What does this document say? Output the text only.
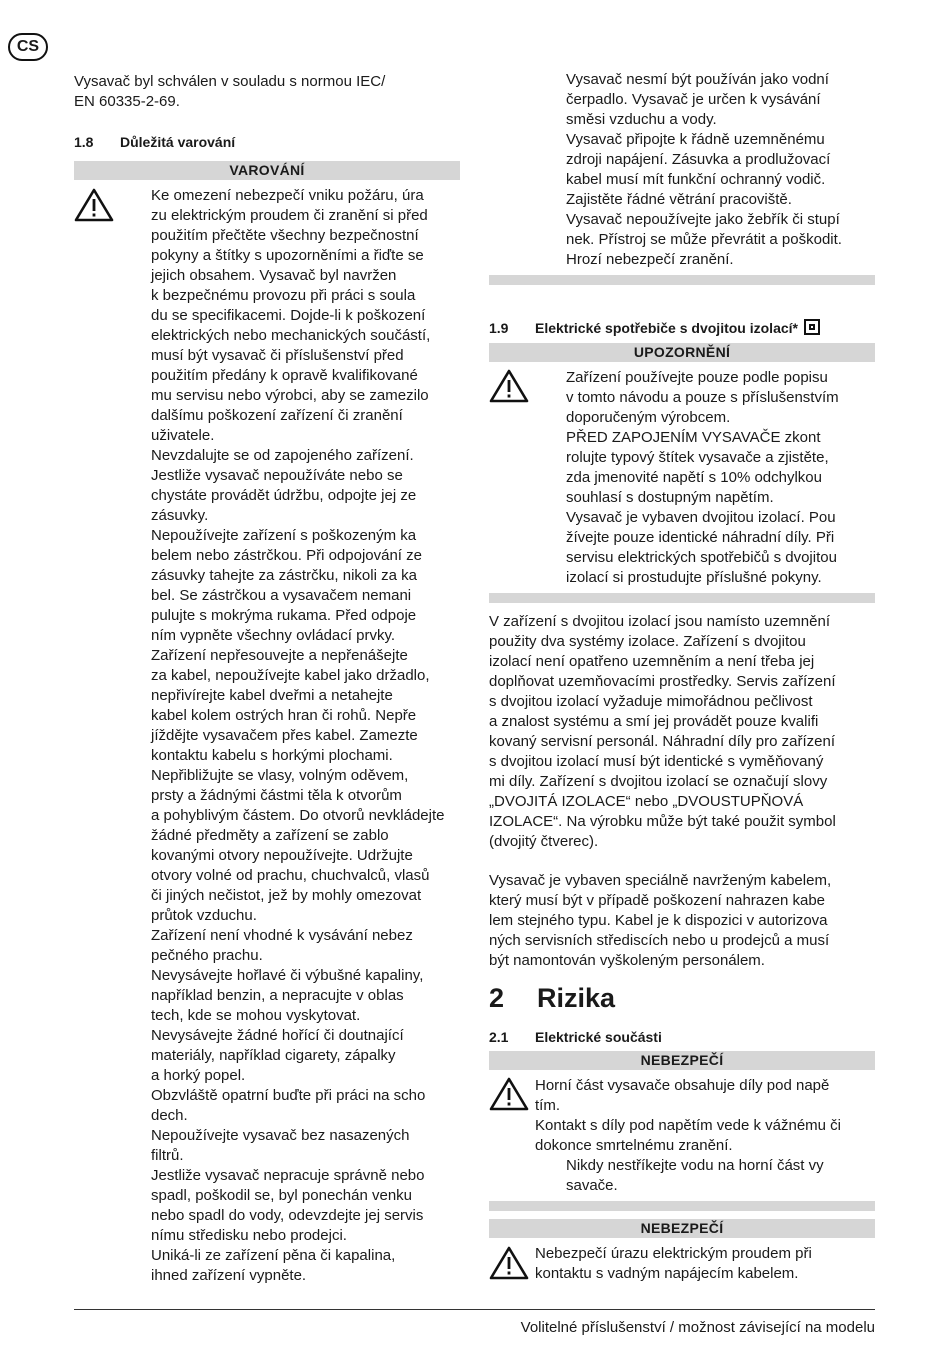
CS

Vysavač byl schválen v souladu s normou IEC/
EN 60335-2-69.

1.8 Důležitá varování
VAROVÁNÍ

Ke omezení nebezpečí vniku požáru, úra
zu elektrickým proudem či zranění si před
použitím přečtěte všechny bezpečnostní
pokyny a štítky s upozorněními a řiďte se
jejich obsahem. Vysavač byl navržen
k bezpečnému provozu při práci s soula
du se specifikacemi. Dojde-li k poškození
elektrických nebo mechanických součástí,
musí být vysavač či příslušenství před
použitím předány k opravě kvalifikované
mu servisu nebo výrobci, aby se zamezilo
dalšímu poškození zařízení či zranění
uživatele.
Nevzdalujte se od zapojeného zařízení.
Jestliže vysavač nepoužíváte nebo se
chystáte provádět údržbu, odpojte jej ze
zásuvky.
Nepoužívejte zařízení s poškozeným ka
belem nebo zástrčkou. Při odpojování ze
zásuvky tahejte za zástrčku, nikoli za ka
bel. Se zástrčkou a vysavačem nemani
pulujte s mokrýma rukama. Před odpoje
ním vypněte všechny ovládací prvky.
Zařízení nepřesouvejte a nepřenášejte
za kabel, nepoužívejte kabel jako držadlo,
nepřivírejte kabel dveřmi a netahejte
kabel kolem ostrých hran či rohů. Nepře
jíždějte vysavačem přes kabel. Zamezte
kontaktu kabelu s horkými plochami.
Nepřibližujte se vlasy, volným oděvem,
prsty a žádnými částmi těla k otvorům
a pohyblivým částem. Do otvorů nevkládejte žádné předměty a zařízení se zablo
kovanými otvory nepoužívejte. Udržujte
otvory volné od prachu, chuchvalců, vlasů
či jiných nečistot, jež by mohly omezovat
průtok vzduchu.
Zařízení není vhodné k vysávání nebez
pečného prachu.
Nevysávejte hořlavé či výbušné kapaliny,
například benzin, a nepracujte v oblas
tech, kde se mohou vyskytovat.
Nevysávejte žádné hořící či doutnající
materiály, například cigarety, zápalky
a horký popel.
Obzvláště opatrní buďte při práci na scho
dech.
Nepoužívejte vysavač bez nasazených
filtrů.
Jestliže vysavač nepracuje správně nebo
spadl, poškodil se, byl ponechán venku
nebo spadl do vody, odevzdejte jej servis
nímu středisku nebo prodejci.
Uniká-li ze zařízení pěna či kapalina,
ihned zařízení vypněte.

Vysavač nesmí být používán jako vodní
čerpadlo. Vysavač je určen k vysávání
směsi vzduchu a vody.
Vysavač připojte k řádně uzemněnému
zdroji napájení. Zásuvka a prodlužovací
kabel musí mít funkční ochranný vodič.
Zajistěte řádné větrání pracoviště.
Vysavač nepoužívejte jako žebřík či stupí
nek. Přístroj se může převrátit a poškodit.
Hrozí nebezpečí zranění.

1.9 Elektrické spotřebiče s dvojitou izolací*
UPOZORNĚNÍ

Zařízení používejte pouze podle popisu
v tomto návodu a pouze s příslušenstvím
doporučeným výrobcem.
PŘED ZAPOJENÍM VYSAVAČE zkont
rolujte typový štítek vysavače a zjistěte,
zda jmenovité napětí s 10% odchylkou
souhlasí s dostupným napětím.
Vysavač je vybaven dvojitou izolací. Pou
žívejte pouze identické náhradní díly. Při
servisu elektrických spotřebičů s dvojitou
izolací si prostudujte příslušné pokyny.

V zařízení s dvojitou izolací jsou namísto uzemnění
použity dva systémy izolace. Zařízení s dvojitou
izolací není opatřeno uzemněním a není třeba jej
doplňovat uzemňovacími prostředky. Servis zařízení
s dvojitou izolací vyžaduje mimořádnou pečlivost
a znalost systému a smí jej provádět pouze kvalifi
kovaný servisní personál. Náhradní díly pro zařízení
s dvojitou izolací musí být identické s vyměňovaný
mi díly. Zařízení s dvojitou izolací se označují slovy
„DVOJITÁ IZOLACE“ nebo „DVOUSTUPŇOVÁ
IZOLACE“. Na výrobku může být také použit symbol
(dvojitý čtverec).

Vysavač je vybaven speciálně navrženým kabelem,
který musí být v případě poškození nahrazen kabe
lem stejného typu. Kabel je k dispozici v autorizova
ných servisních střediscích nebo u prodejců a musí
být namontován vyškoleným personálem.

2 Rizika
2.1 Elektrické součásti
NEBEZPEČÍ

Horní část vysavače obsahuje díly pod napě
tím.
Kontakt s díly pod napětím vede k vážnému či
dokonce smrtelnému zranění.

Nikdy nestříkejte vodu na horní část vy
savače.

NEBEZPEČÍ

Nebezpečí úrazu elektrickým proudem při
kontaktu s vadným napájecím kabelem.

Volitelné příslušenství / možnost závisející na modelu
